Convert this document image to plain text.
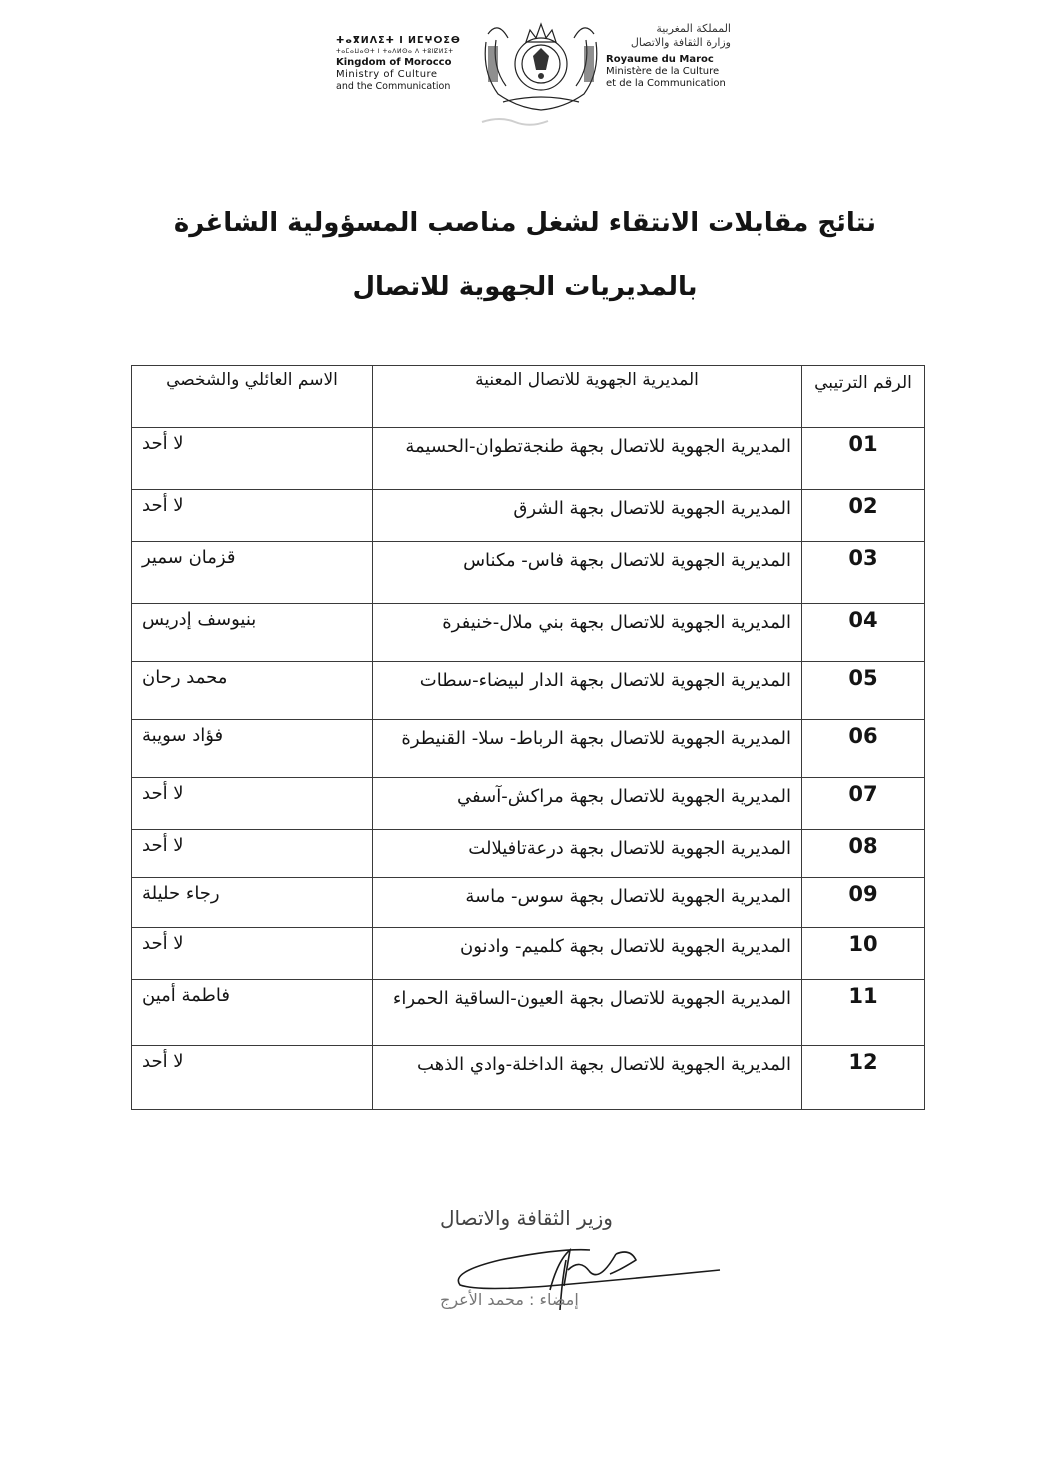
ⵜⴰⴳⵍⴷⵉⵜ ⵏ ⵍⵎⵖⵔⵉⴱ
ⵜⴰⵎⴰⵡⴰⵙⵜ ⵏ ⵜⴰⴷⵍⵙⴰ ⴷ ⵜⵓⵏⵇⵍⵉⵜ
Kingdom of Morocco
Ministry of Culture
and the Communication
المملكة المغربية
وزارة الثقافة والاتصال
Royaume du Maroc
Ministère de la Culture
et de la Communication
نتائج مقابلات الانتقاء لشغل مناصب المسؤولية الشاغرة
بالمديريات الجهوية للاتصال
الرقم الترتيبي	المديرية الجهوية للاتصال المعنية	الاسم العائلي والشخصي
01	المديرية الجهوية للاتصال بجهة طنجةتطوان-الحسيمة	لا أحد
02	المديرية الجهوية للاتصال بجهة الشرق	لا أحد
03	المديرية الجهوية للاتصال بجهة فاس- مكناس	قزمان سمير
04	المديرية الجهوية للاتصال بجهة بني ملال-خنيفرة	بنيوسف إدريس
05	المديرية الجهوية للاتصال بجهة الدار لبيضاء-سطات	محمد رحان
06	المديرية الجهوية للاتصال بجهة الرباط- سلا- القنيطرة	فؤاد سويبة
07	المديرية الجهوية للاتصال بجهة مراكش-آسفي	لا أحد
08	المديرية الجهوية للاتصال بجهة درعةتافيلالت	لا أحد
09	المديرية الجهوية للاتصال بجهة سوس- ماسة	رجاء حليلة
10	المديرية الجهوية للاتصال بجهة كلميم- وادنون	لا أحد
11	المديرية الجهوية للاتصال بجهة العيون-الساقية الحمراء	فاطمة أمين
12	المديرية الجهوية للاتصال بجهة الداخلة-وادي الذهب	لا أحد
وزير الثقافة والاتصال
إمضاء : محمد الأعرج
